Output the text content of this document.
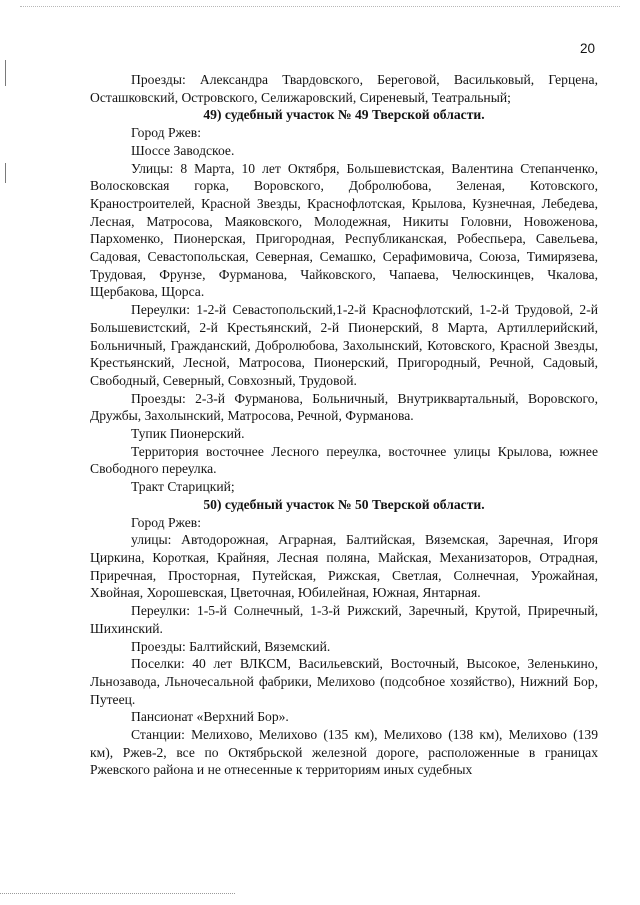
20

Проезды: Александра Твардовского, Береговой, Васильковый, Герцена, Осташковский, Островского, Селижаровский, Сиреневый, Театральный;

49) судебный участок № 49 Тверской области.

Город Ржев:

Шоссе Заводское.

Улицы: 8 Марта, 10 лет Октября, Большевистская, Валентина Степанченко, Волосковская горка, Воровского, Добролюбова, Зеленая, Котовского, Краностроителей, Красной Звезды, Краснофлотская, Крылова, Кузнечная, Лебедева, Лесная, Матросова, Маяковского, Молодежная, Никиты Головни, Новоженова, Пархоменко, Пионерская, Пригородная, Республиканская, Робеспьера, Савельева, Садовая, Севастопольская, Северная, Семашко, Серафимовича, Союза, Тимирязева, Трудовая, Фрунзе, Фурманова, Чайковского, Чапаева, Челюскинцев, Чкалова, Щербакова, Щорса.

Переулки: 1-2-й Севастопольский,1-2-й Краснофлотский, 1-2-й Трудовой, 2-й Большевистский, 2-й Крестьянский, 2-й Пионерский, 8 Марта, Артиллерийский, Больничный, Гражданский, Добролюбова, Захолынский, Котовского, Красной Звезды, Крестьянский, Лесной, Матросова, Пионерский, Пригородный, Речной, Садовый, Свободный, Северный, Совхозный, Трудовой.

Проезды: 2-3-й Фурманова, Больничный, Внутриквартальный, Воровского, Дружбы, Захолынский, Матросова, Речной, Фурманова.

Тупик Пионерский.

Территория восточнее Лесного переулка, восточнее улицы Крылова, южнее Свободного переулка.

Тракт Старицкий;

50) судебный участок № 50 Тверской области.

Город Ржев:

улицы: Автодорожная, Аграрная, Балтийская, Вяземская, Заречная, Игоря Циркина, Короткая, Крайняя, Лесная поляна, Майская, Механизаторов, Отрадная, Приречная, Просторная, Путейская, Рижская, Светлая, Солнечная, Урожайная, Хвойная, Хорошевская, Цветочная, Юбилейная, Южная, Янтарная.

Переулки: 1-5-й Солнечный, 1-3-й Рижский, Заречный, Крутой, Приречный, Шихинский.

Проезды: Балтийский, Вяземский.

Поселки: 40 лет ВЛКСМ, Васильевский, Восточный, Высокое, Зеленькино, Льнозавода, Льночесальной фабрики, Мелихово (подсобное хозяйство), Нижний Бор, Путеец.

Пансионат «Верхний Бор».

Станции: Мелихово, Мелихово (135 км), Мелихово (138 км), Мелихово (139 км), Ржев-2, все по Октябрьской железной дороге, расположенные в границах Ржевского района и не отнесенные к территориям иных судебных
